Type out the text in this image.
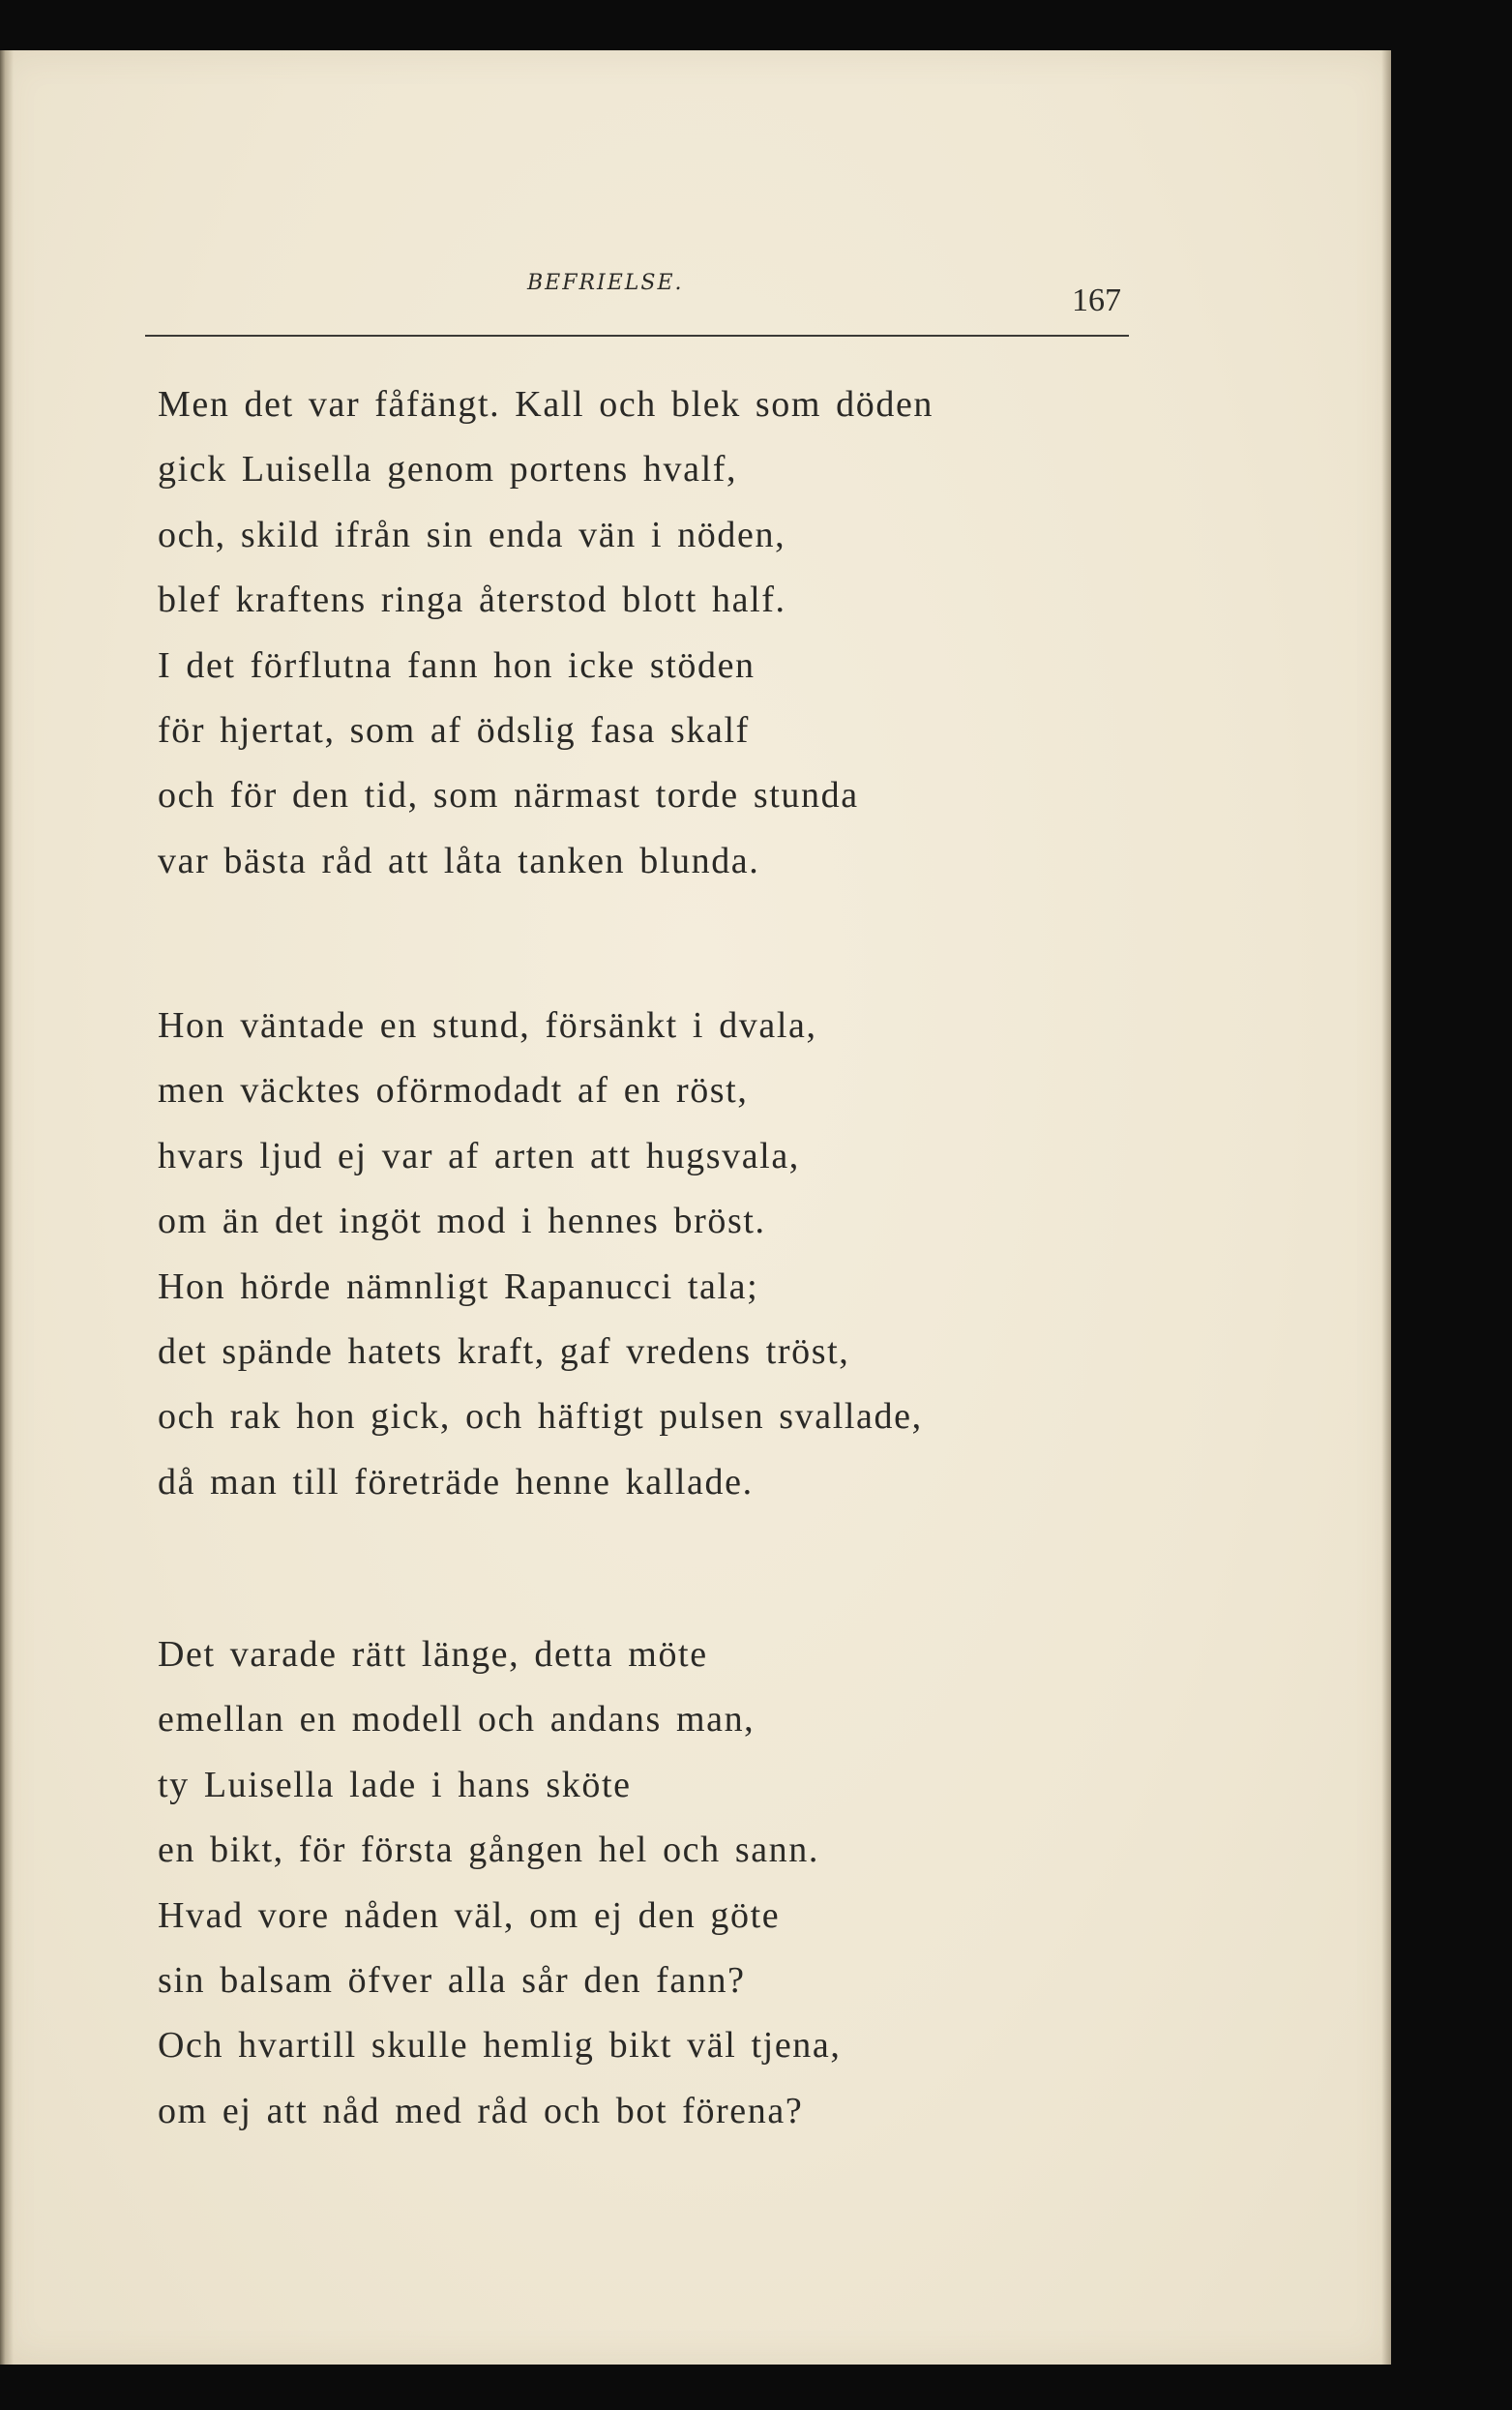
BEFRIELSE.	167
Men det var fåfängt. Kall och blek som döden
gick Luisella genom portens hvalf,
och, skild ifrån sin enda vän i nöden,
blef kraftens ringa återstod blott half.
I det förflutna fann hon icke stöden
för hjertat, som af ödslig fasa skalf
och för den tid, som närmast torde stunda
var bästa råd att låta tanken blunda.
Hon väntade en stund, försänkt i dvala,
men väcktes oförmodadt af en röst,
hvars ljud ej var af arten att hugsvala,
om än det ingöt mod i hennes bröst.
Hon hörde nämnligt Rapanucci tala;
det spände hatets kraft, gaf vredens tröst,
och rak hon gick, och häftigt pulsen svallade,
då man till företräde henne kallade.
Det varade rätt länge, detta möte
emellan en modell och andans man,
ty Luisella lade i hans sköte
en bikt, för första gången hel och sann.
Hvad vore nåden väl, om ej den göte
sin balsam öfver alla sår den fann?
Och hvartill skulle hemlig bikt väl tjena,
om ej att nåd med råd och bot förena?
